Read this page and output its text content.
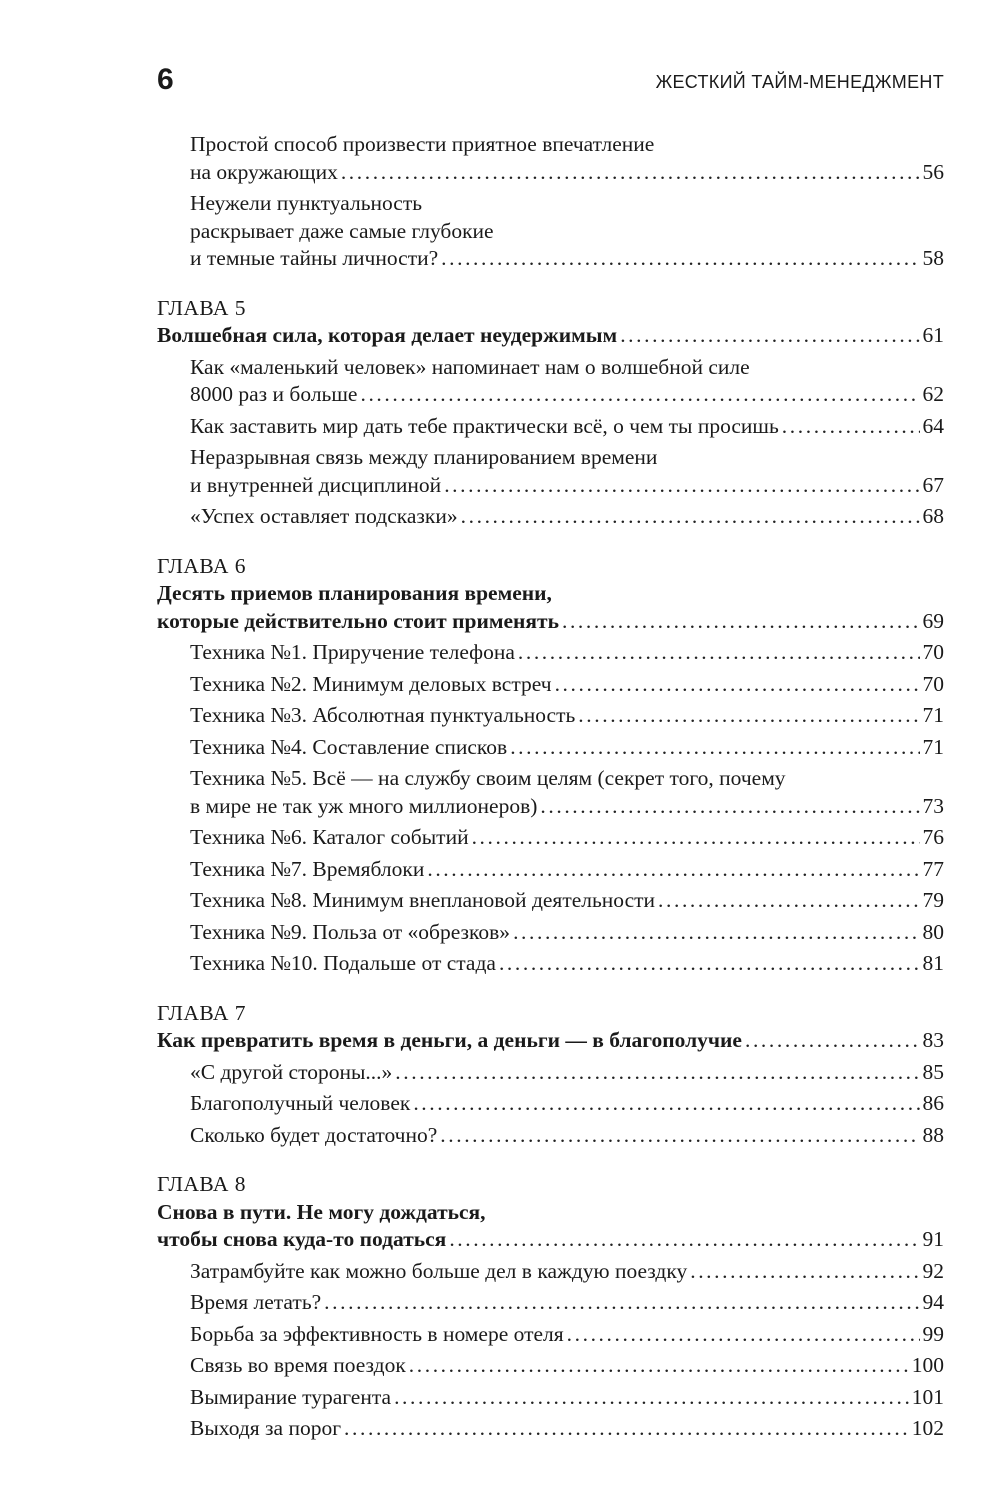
6	ЖЕСТКИЙ ТАЙМ-МЕНЕДЖМЕНТ
Простой способ произвести приятное впечатление
на окружающих .....	56
Неужели пунктуальность
раскрывает даже самые глубокие
и темные тайны личности? .....	58
ГЛАВА 5
Волшебная сила, которая делает неудержимым .....	61
Как «маленький человек» напоминает нам о волшебной силе
8000 раз и больше .....	62
Как заставить мир дать тебе практически всё, о чем ты просишь .....	64
Неразрывная связь между планированием времени
и внутренней дисциплиной .....	67
«Успех оставляет подсказки» .....	68
ГЛАВА 6
Десять приемов планирования времени,
которые действительно стоит применять .....	69
Техника №1. Приручение телефона .....	70
Техника №2. Минимум деловых встреч .....	70
Техника №3. Абсолютная пунктуальность .....	71
Техника №4. Составление списков .....	71
Техника №5. Всё — на службу своим целям (секрет того, почему
в мире не так уж много миллионеров) .....	73
Техника №6. Каталог событий .....	76
Техника №7. Времяблоки .....	77
Техника №8. Минимум внеплановой деятельности .....	79
Техника №9. Польза от «обрезков» .....	80
Техника №10. Подальше от стада .....	81
ГЛАВА 7
Как превратить время в деньги, а деньги — в благополучие .....	83
«С другой стороны...» .....	85
Благополучный человек .....	86
Сколько будет достаточно? .....	88
ГЛАВА 8
Снова в пути. Не могу дождаться,
чтобы снова куда-то податься .....	91
Затрамбуйте как можно больше дел в каждую поездку .....	92
Время летать? .....	94
Борьба за эффективность в номере отеля .....	99
Связь во время поездок .....	100
Вымирание турагента .....	101
Выходя за порог .....	102
